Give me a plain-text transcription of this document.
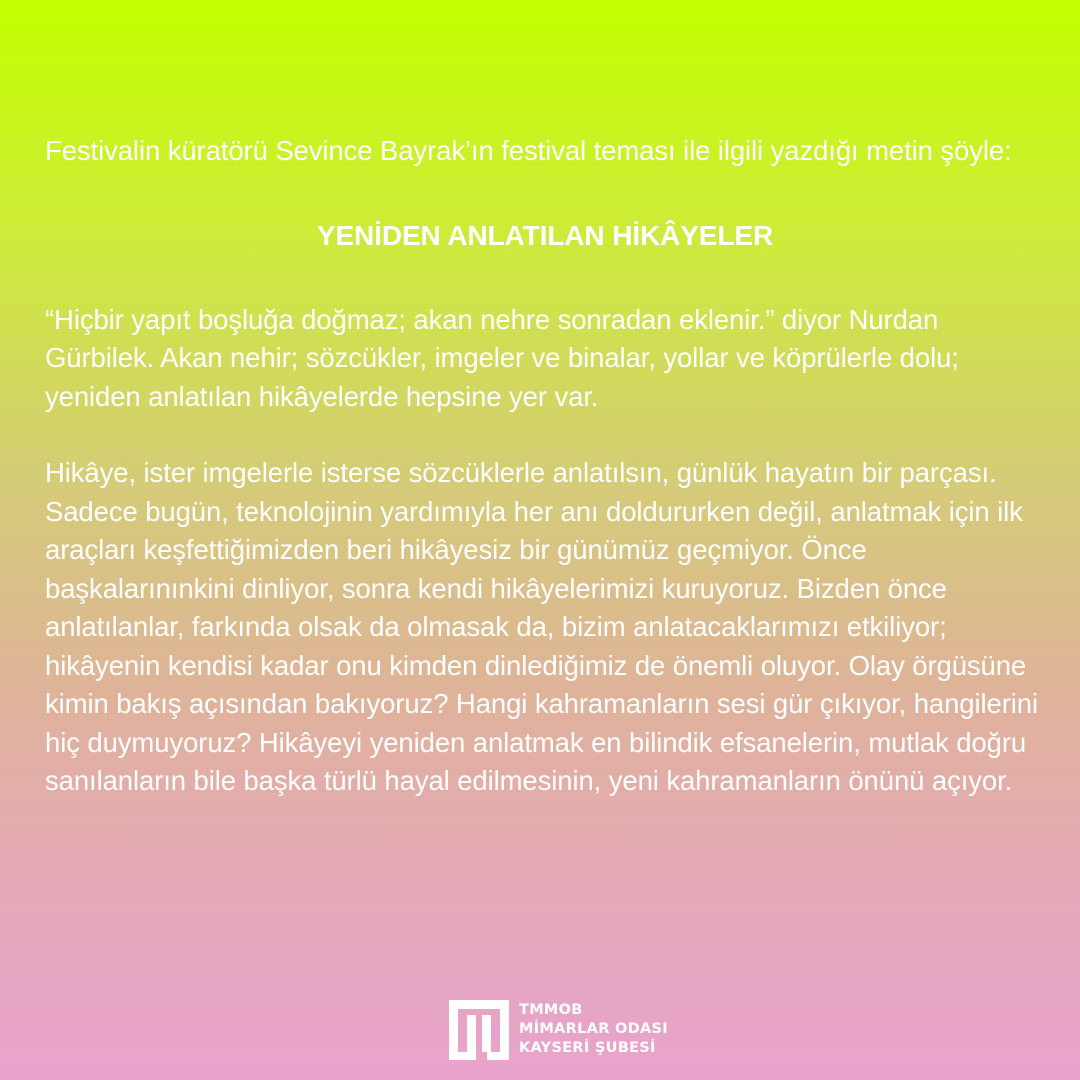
Festivalin küratörü Sevince Bayrak’ın festival teması ile ilgili yazdığı metin şöyle:

YENİDEN ANLATILAN HİKÂYELER

“Hiçbir yapıt boşluğa doğmaz; akan nehre sonradan eklenir.” diyor Nurdan Gürbilek. Akan nehir; sözcükler, imgeler ve binalar, yollar ve köprülerle dolu; yeniden anlatılan hikâyelerde hepsine yer var.

Hikâye, ister imgelerle isterse sözcüklerle anlatılsın, günlük hayatın bir parçası. Sadece bugün, teknolojinin yardımıyla her anı doldururken değil, anlatmak için ilk araçları keşfettiğimizden beri hikâyesiz bir günümüz geçmiyor. Önce başkalarınınkini dinliyor, sonra kendi hikâyelerimizi kuruyoruz. Bizden önce anlatılanlar, farkında olsak da olmasak da, bizim anlatacaklarımızı etkiliyor; hikâyenin kendisi kadar onu kimden dinlediğimiz de önemli oluyor. Olay örgüsüne kimin bakış açısından bakıyoruz? Hangi kahramanların sesi gür çıkıyor, hangilerini hiç duymuyoruz? Hikâyeyi yeniden anlatmak en bilindik efsanelerin, mutlak doğru sanılanların bile başka türlü hayal edilmesinin, yeni kahramanların önünü açıyor.

TMMOB
MİMARLAR ODASI
KAYSERİ ŞUBESİ
